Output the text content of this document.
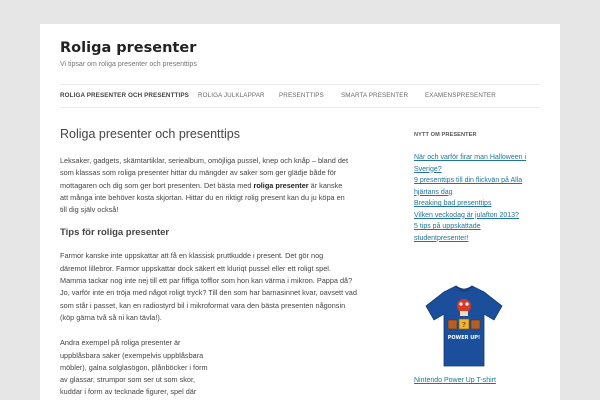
Roliga presenter
Vi tipsar om roliga presenter och presenttips
ROLIGA PRESENTER OCH PRESENTTIPS ROLIGA JULKLAPPAR PRESENTTIPS	SMARTA PRESENTER	EXAMENSPRESENTER
Roliga presenter och presenttips

Leksaker, gadgets, skämtartiklar, seriealbum, omöjliga pussel, knep och knåp – bland det

som klassas som roliga presenter hittar du mängder av saker som ger glädje både för

mottagaren och dig som ger bort presenten. Det bästa med roliga presenter är kanske

att många inte behöver kosta skjortan. Hittar du en riktigt rolig present kan du ju köpa en

till dig själv också!

Tips för roliga presenter

Farmor kanske inte uppskattar att få en klassisk pruttkudde i present. Det gör nog

däremot lillebror. Farmor uppskattar dock säkert ett kluriqt pussel eller ett roligt spel.

Mamma tackar nog inte nej till ett par fiffiga tofflor som hon kan värma i mikron. Pappa då?

Jo, varför inte en tröja med något roligt tryck? Till den som har barnasinnet kvar, oavsett vad

som står i passet, kan en radiostyrd bil i mikroformat vara den bästa presenten någonsin

(köp gärna två så ni kan tävla!).

Andra exempel på roliga presenter är

uppblåsbara saker (exempelvis uppblåsbara

möbler), galna solglasögon, plånböcker i form

av glassar, strumpor som ser ut som skor,

kuddar i form av tecknade figurer, spel där

NYTT OM PRESENTER
När och varför firar man Halloween i
Sverige?
9 presenttips till din flickvän på Alla
hjärtans dag
Breaking bad presenttips
Vilken veckodag är julafton 2013?
5 tips på uppskattade
studentpresenter!
?
POWER UP!
Nintendo Power Up T-shirt
